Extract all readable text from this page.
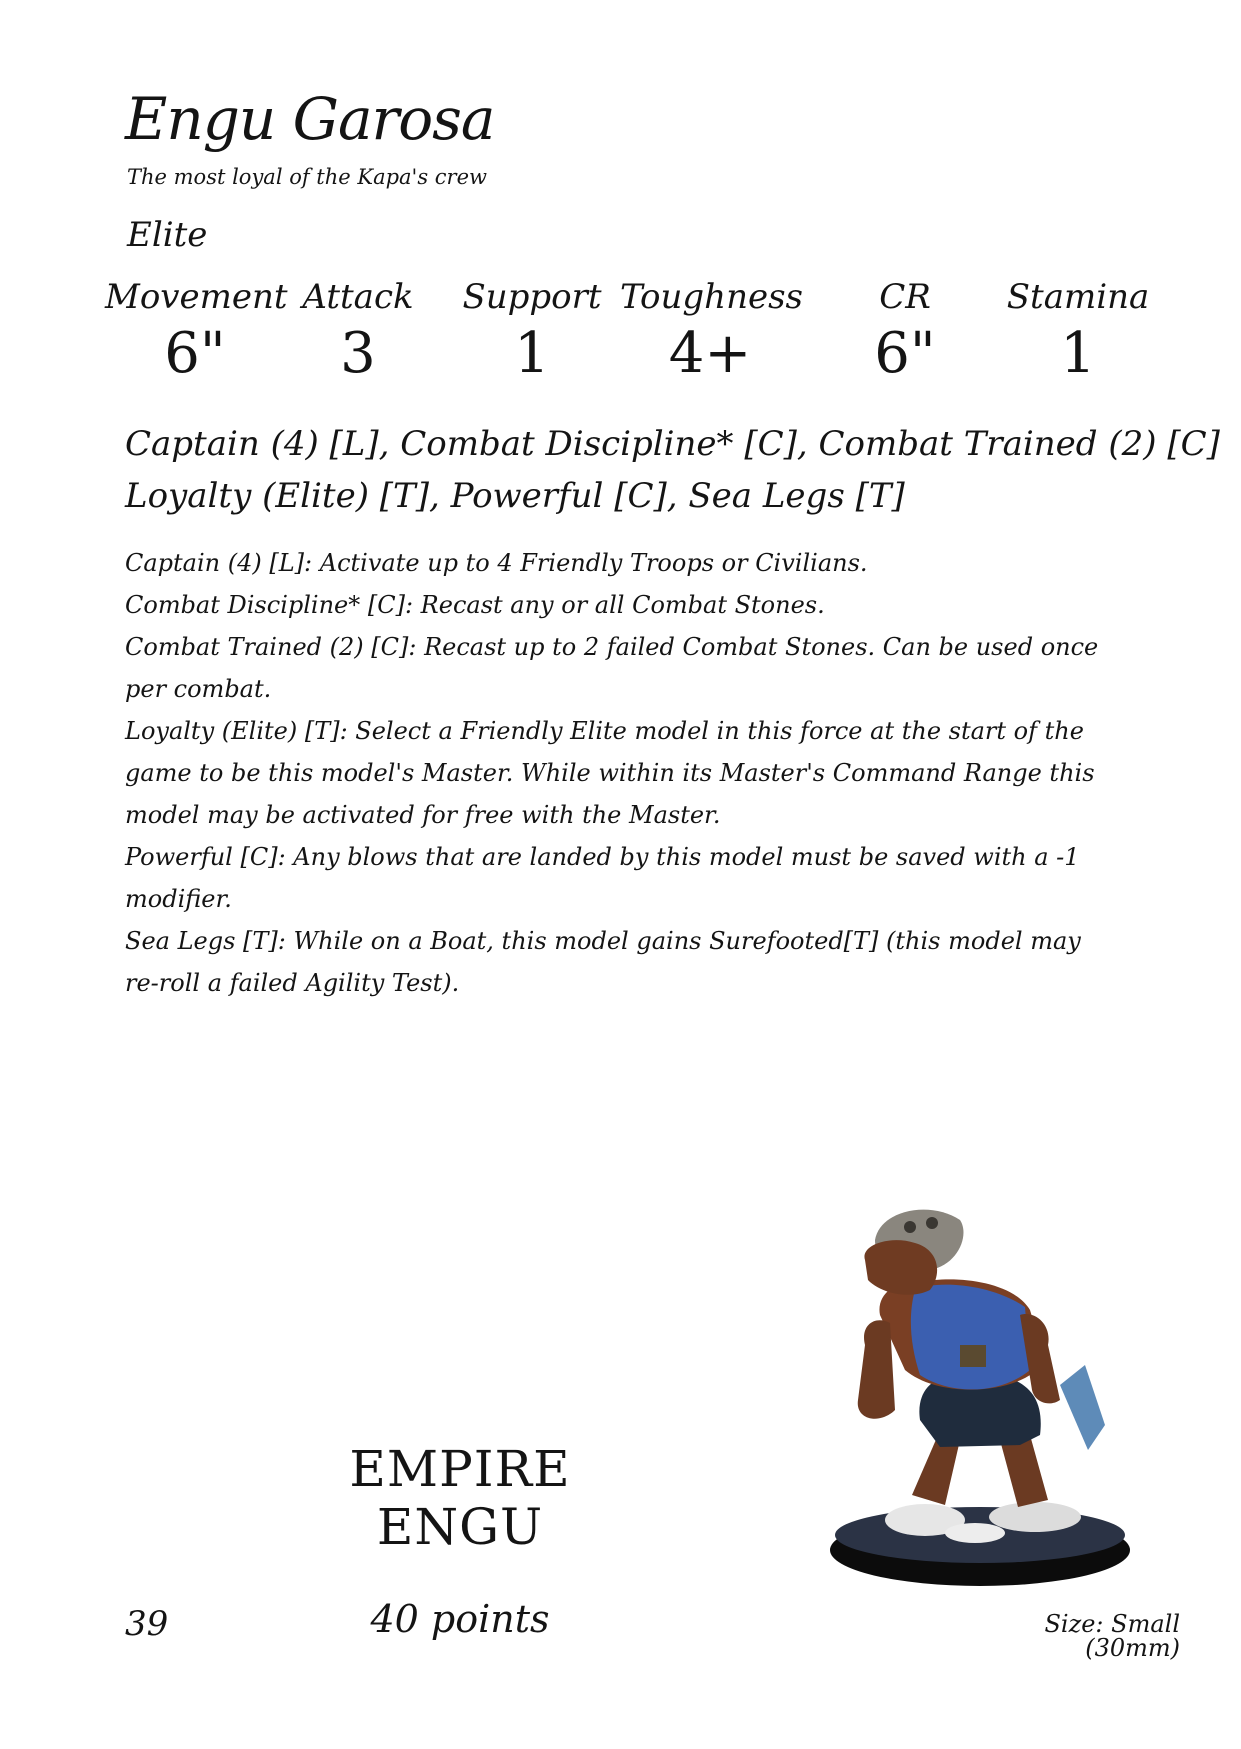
Engu Garosa
The most loyal of the Kapa's crew
Elite
Movement
6"
Attack
3
Support
1
Toughness
4+
CR
6"
Stamina
1
Captain (4) [L], Combat Discipline* [C], Combat Trained (2) [C]
Loyalty (Elite) [T], Powerful [C], Sea Legs [T]

Captain (4) [L]: Activate up to 4 Friendly Troops or Civilians.

Combat Discipline* [C]: Recast any or all Combat Stones.

Combat Trained (2) [C]: Recast up to 2 failed Combat Stones. Can be used once per combat.

Loyalty (Elite) [T]: Select a Friendly Elite model in this force at the start of the game to be this model's Master. While within its Master's Command Range this model may be activated for free with the Master.

Powerful [C]: Any blows that are landed by this model must be saved with a -1 modifier.

Sea Legs [T]: While on a Boat, this model gains Surefooted[T] (this model may re-roll a failed Agility Test).

EMPIRE
ENGU
40 points
39	Size: Small (30mm)
